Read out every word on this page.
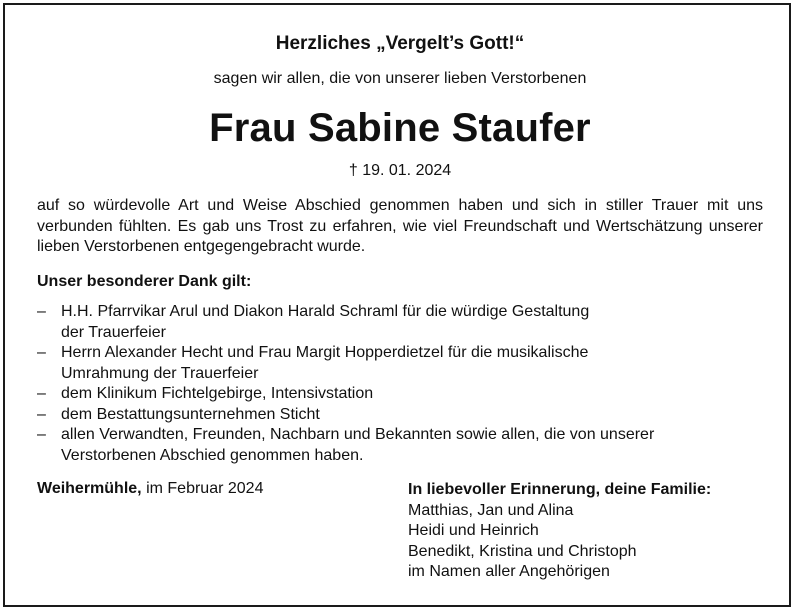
Herzliches „Vergelt’s Gott!“
sagen wir allen, die von unserer lieben Verstorbenen
Frau Sabine Staufer
† 19. 01. 2024
auf so würdevolle Art und Weise Abschied genommen haben und sich in stiller Trauer mit uns verbunden fühlten. Es gab uns Trost zu erfahren, wie viel Freundschaft und Wertschätzung unserer lieben Verstorbenen entgegengebracht wurde.
Unser besonderer Dank gilt:
– H.H. Pfarrvikar Arul und Diakon Harald Schraml für die würdige Gestaltung
der Trauerfeier
– Herrn Alexander Hecht und Frau Margit Hopperdietzel für die musikalische
Umrahmung der Trauerfeier
– dem Klinikum Fichtelgebirge, Intensivstation
– dem Bestattungsunternehmen Sticht
– allen Verwandten, Freunden, Nachbarn und Bekannten sowie allen, die von unserer
Verstorbenen Abschied genommen haben.
Weihermühle, im Februar 2024	In liebevoller Erinnerung, deine Familie:
Matthias, Jan und Alina
Heidi und Heinrich
Benedikt, Kristina und Christoph
im Namen aller Angehörigen
